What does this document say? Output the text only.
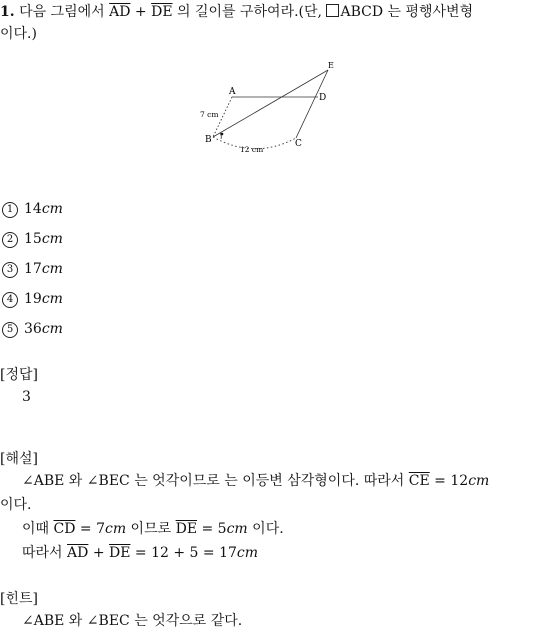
1. 다음 그림에서 $\overline{AD} + \overline{DE}$ 의 길이를 구하여라.(단, ABCD 는 평행사변형
이다.)
A
B	C
D
E
7 cm
12 cm
1 14cm
2 15cm
3 17cm
4 19cm
5 36cm
[정답]
3
[해설]
∠ABE 와 ∠BEC 는 엇각이므로 는 이등변 삼각형이다. 따라서 $\overline{CE} = 12cm$
이다.
이때 $\overline{CD} = 7cm$ 이므로 $\overline{DE} = 5cm$ 이다.
따라서 $\overline{AD} + \overline{DE} = 12 + 5 = 17cm$
[힌트]
∠ABE 와 ∠BEC 는 엇각으로 같다.
